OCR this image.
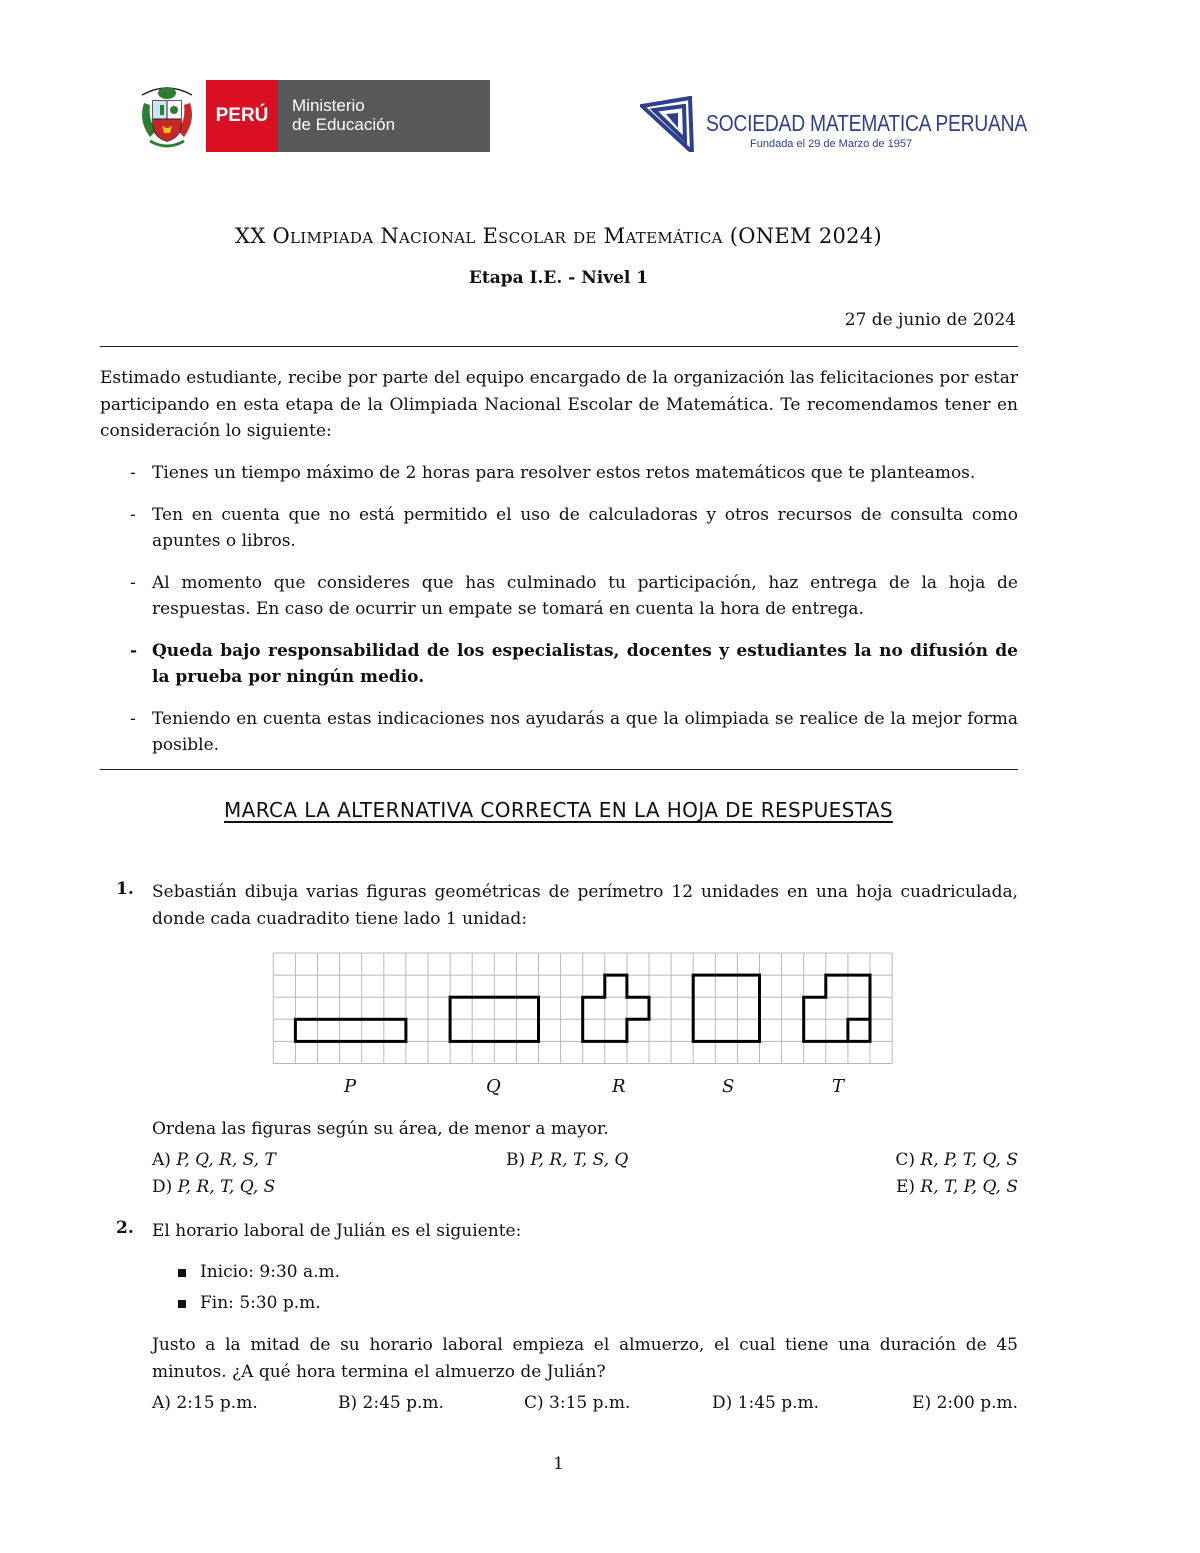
PERÚ	Ministerio
de Educación	SOCIEDAD MATEMATICA PERUANA
Fundada el 29 de Marzo de 1957
XX Olimpiada Nacional Escolar de Matemática (ONEM 2024)
Etapa I.E. - Nivel 1
27 de junio de 2024
Estimado estudiante, recibe por parte del equipo encargado de la organización las felicitaciones por estar participando en esta etapa de la Olimpiada Nacional Escolar de Matemática. Te recomendamos tener en consideración lo siguiente:
- Tienes un tiempo máximo de 2 horas para resolver estos retos matemáticos que te planteamos.
- Ten en cuenta que no está permitido el uso de calculadoras y otros recursos de consulta como apuntes o libros.
- Al momento que consideres que has culminado tu participación, haz entrega de la hoja de respuestas. En caso de ocurrir un empate se tomará en cuenta la hora de entrega.
- Queda bajo responsabilidad de los especialistas, docentes y estudiantes la no difusión de la prueba por ningún medio.
- Teniendo en cuenta estas indicaciones nos ayudarás a que la olimpiada se realice de la mejor forma posible.
MARCA LA ALTERNATIVA CORRECTA EN LA HOJA DE RESPUESTAS
1. Sebastián dibuja varias figuras geométricas de perímetro 12 unidades en una hoja cuadriculada, donde cada cuadradito tiene lado 1 unidad:
P	Q	R	S	T
Ordena las figuras según su área, de menor a mayor.
A) P, Q, R, S, T	B) P, R, T, S, Q	C) R, P, T, Q, S
D) P, R, T, Q, S	E) R, T, P, Q, S
2. El horario laboral de Julián es el siguiente:
Inicio: 9:30 a.m.
Fin: 5:30 p.m.
Justo a la mitad de su horario laboral empieza el almuerzo, el cual tiene una duración de 45 minutos. ¿A qué hora termina el almuerzo de Julián?
A) 2:15 p.m.	B) 2:45 p.m.	C) 3:15 p.m.	D) 1:45 p.m.	E) 2:00 p.m.
1
